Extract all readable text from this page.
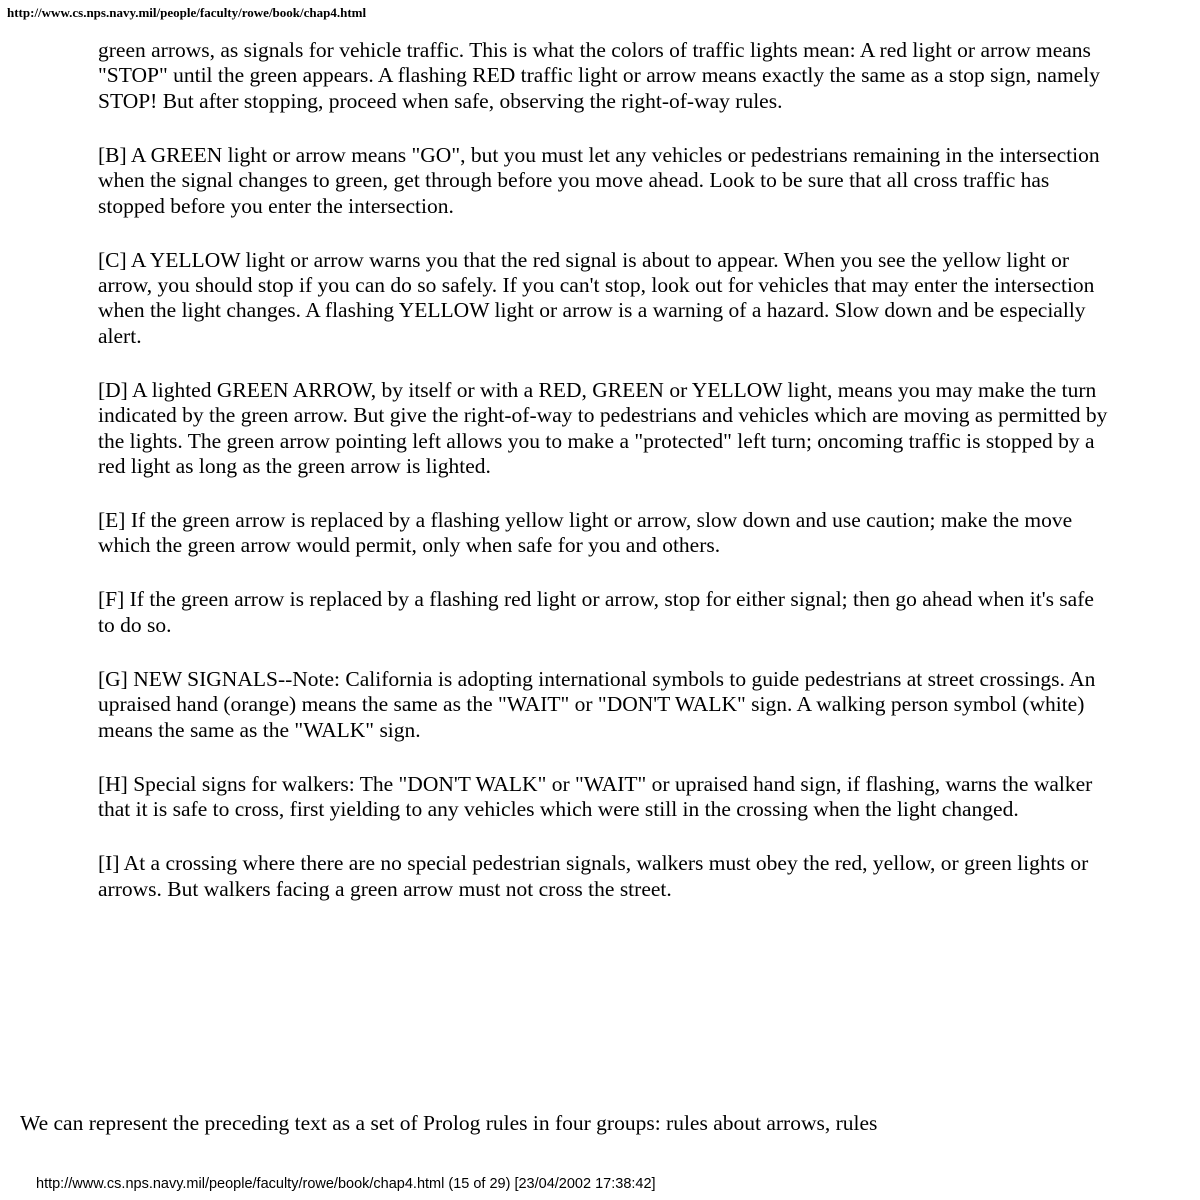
http://www.cs.nps.navy.mil/people/faculty/rowe/book/chap4.html

green arrows, as signals for vehicle traffic. This is what the colors of traffic lights mean: A red light or arrow means "STOP" until the green appears. A flashing RED traffic light or arrow means exactly the same as a stop sign, namely STOP! But after stopping, proceed when safe, observing the right-of-way rules.

[B] A GREEN light or arrow means "GO", but you must let any vehicles or pedestrians remaining in the intersection when the signal changes to green, get through before you move ahead. Look to be sure that all cross traffic has stopped before you enter the intersection.

[C] A YELLOW light or arrow warns you that the red signal is about to appear. When you see the yellow light or arrow, you should stop if you can do so safely. If you can't stop, look out for vehicles that may enter the intersection when the light changes. A flashing YELLOW light or arrow is a warning of a hazard. Slow down and be especially alert.

[D] A lighted GREEN ARROW, by itself or with a RED, GREEN or YELLOW light, means you may make the turn indicated by the green arrow. But give the right-of-way to pedestrians and vehicles which are moving as permitted by the lights. The green arrow pointing left allows you to make a "protected" left turn; oncoming traffic is stopped by a red light as long as the green arrow is lighted.

[E] If the green arrow is replaced by a flashing yellow light or arrow, slow down and use caution; make the move which the green arrow would permit, only when safe for you and others.

[F] If the green arrow is replaced by a flashing red light or arrow, stop for either signal; then go ahead when it's safe to do so.

[G] NEW SIGNALS--Note: California is adopting international symbols to guide pedestrians at street crossings. An upraised hand (orange) means the same as the "WAIT" or "DON'T WALK" sign. A walking person symbol (white) means the same as the "WALK" sign.

[H] Special signs for walkers: The "DON'T WALK" or "WAIT" or upraised hand sign, if flashing, warns the walker that it is safe to cross, first yielding to any vehicles which were still in the crossing when the light changed.

[I] At a crossing where there are no special pedestrian signals, walkers must obey the red, yellow, or green lights or arrows. But walkers facing a green arrow must not cross the street.

We can represent the preceding text as a set of Prolog rules in four groups: rules about arrows, rules
http://www.cs.nps.navy.mil/people/faculty/rowe/book/chap4.html (15 of 29) [23/04/2002 17:38:42]
